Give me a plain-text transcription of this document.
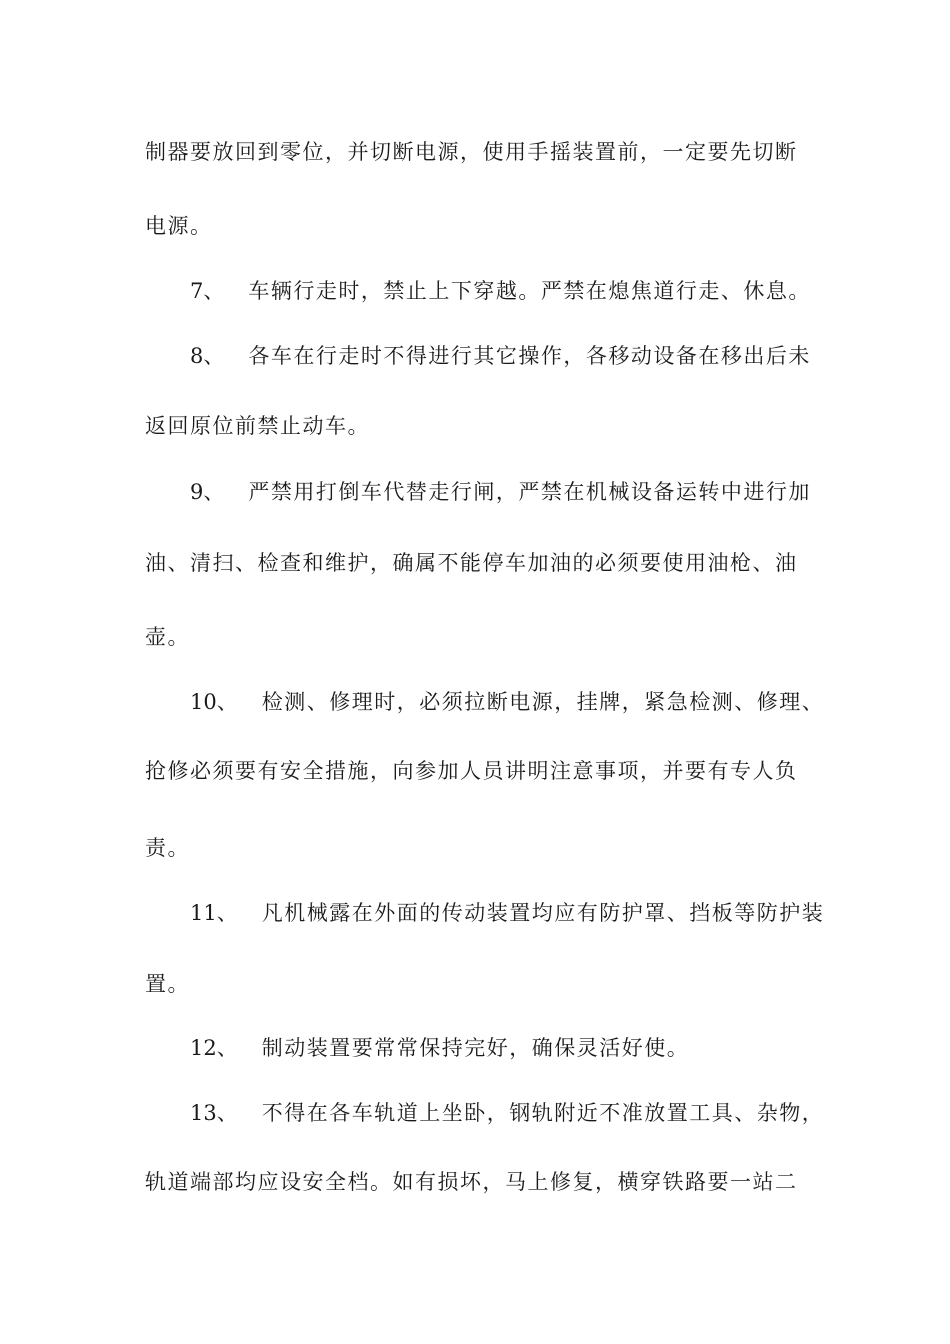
制器要放回到零位，并切断电源，使用手摇装置前，一定要先切断
电源。
7、 车辆行走时，禁止上下穿越。严禁在熄焦道行走、休息。
8、 各车在行走时不得进行其它操作，各移动设备在移出后未
返回原位前禁止动车。
9、 严禁用打倒车代替走行闸，严禁在机械设备运转中进行加
油、清扫、检查和维护，确属不能停车加油的必须要使用油枪、油
壶。
10、 检测、修理时，必须拉断电源，挂牌，紧急检测、修理、
抢修必须要有安全措施，向参加人员讲明注意事项，并要有专人负
责。
11、 凡机械露在外面的传动装置均应有防护罩、挡板等防护装
置。
12、 制动装置要常常保持完好，确保灵活好使。
13、 不得在各车轨道上坐卧，钢轨附近不准放置工具、杂物，
轨道端部均应设安全档。如有损坏，马上修复，横穿铁路要一站二
